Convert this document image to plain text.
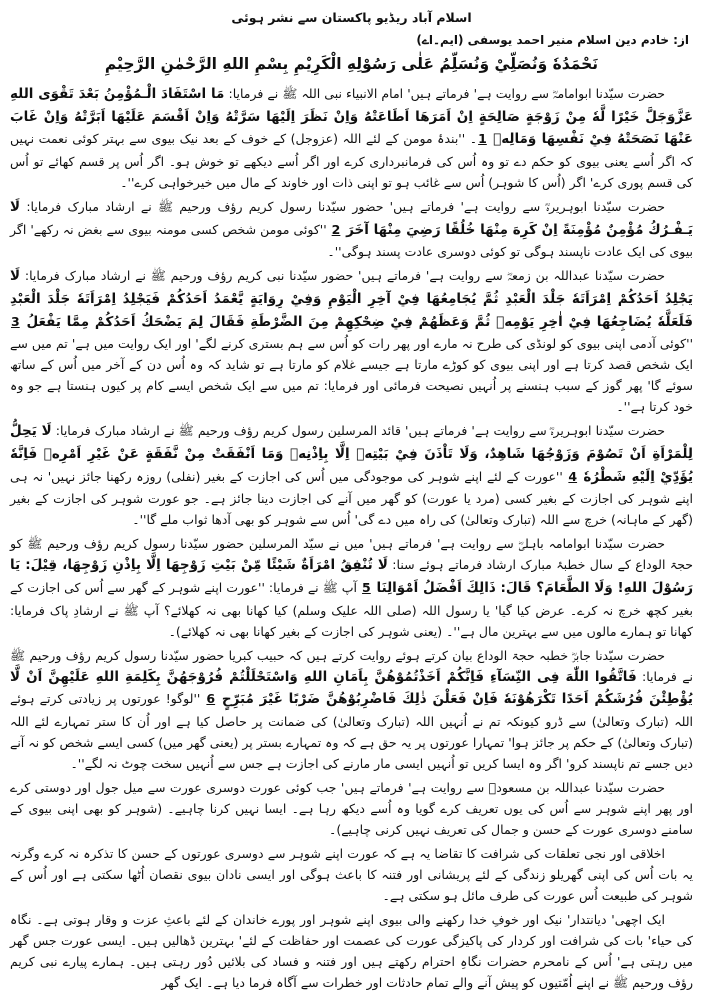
اسلام آباد ریڈیو پاکستان سے نشر ہوئی
از: خادم دین اسلام منیر احمد یوسفی (ایم۔اے)
نَحْمَدُهٗ وَنُصَلِّيْ وَنُسَلِّمُ عَلٰى رَسُوْلِهِ الْكَرِيْمِ بِسْمِ اللهِ الرَّحْمٰنِ الرَّحِيْمِ

حضرت سیّدنا ابوامامہؓ سے روایت ہے' فرماتے ہیں' امام الانبیاء نبی اللہ ﷺ نے فرمایا: مَا اسْتَفَادَ الْـمُؤْمِنُ بَعْدَ تَقْوَى اللهِ عَزَّوَجَلَّ خَيْرًا لَّهٗ مِنْ زَوْجَةٍ صَالِحَةٍ اِنْ اَمَرَهَا اَطَاعَتْهُ وَاِنْ نَظَرَ اِلَيْهَا سَرَّتْهُ وَاِنْ اَقْسَمَ عَلَيْهَا اَبَرَّتْهُ وَاِنْ غَابَ عَنْهَا نَصَحَتْهُ فِيْ نَفْسِهَا وَمَالِهٖ 1۔ ''بندۂ مومن کے لئے اللہ (عزوجل) کے خوف کے بعد نیک بیوی سے بہتر کوئی نعمت نہیں کہ اگر اُسے یعنی بیوی کو حکم دے تو وہ اُس کی فرمانبرداری کرے اور اگر اُسے دیکھے تو خوش ہو۔ اگر اُس پر قسم کھائے تو اُس کی قسم پوری کرے' اگر (اُس کا شوہر) اُس سے غائب ہو تو اپنی ذات اور خاوند کے مال میں خیرخواہی کرے''۔

حضرت سیّدنا ابوہریرہؓ سے روایت ہے' فرماتے ہیں' حضور سیّدنا رسول کریم رؤف ورحیم ﷺ نے ارشاد مبارک فرمایا: لَا يَـفْـرُكُ مُؤْمِنٌ مُؤْمِنَةً اِنْ كَرِهَ مِنْهَا خُلُقًا رَضِيَ مِنْهَا آخَرَ 2 ''کوئی مومن شخص کسی مومنہ بیوی سے بغض نہ رکھے' اگر بیوی کی ایک عادت ناپسند ہوگی تو کوئی دوسری عادت پسند ہوگی''۔

حضرت سیّدنا عبداللہ بن زمعہؓ سے روایت ہے' فرماتے ہیں' حضور سیّدنا نبی کریم رؤف ورحیم ﷺ نے ارشاد مبارک فرمایا: لَا يَجْلِدُ اَحَدُكُمْ اِمْرَاَتَهٗ جَلْدَ الْعَبْدِ ثُمَّ يُجَامِعُهَا فِيْ آخِرِ الْيَوْمِ وَفِيْ رِوَايَةٍ يَّعْمَدُ اَحَدُكُمْ فَيَجْلِدُ اِمْرَاَتَهٗ جَلْدَ الْعَبْدِ فَلَعَلَّهٗ يُضَاجِعُهَا فِيْ اٰخِرِ يَوْمِهٖ ثُمَّ وَعَظَهُمْ فِيْ ضِحْكِهِمْ مِنَ الضَّرْطَةِ فَقَالَ لِمَ يَضْحَكُ اَحَدُكُمْ مِمَّا يَفْعَلُ 3 ''کوئی آدمی اپنی بیوی کو لونڈی کی طرح نہ مارے اور پھر رات کو اُس سے ہم بستری کرنے لگے' اور ایک روایت میں ہے' تم میں سے ایک شخص قصد کرتا ہے اور اپنی بیوی کو کوڑے مارتا ہے جیسے غلام کو مارتا ہے تو شاید کہ وہ اُس دن کے آخر میں اُس کے ساتھ سوئے گا' پھر گوز کے سبب ہنسنے پر اُنہیں نصیحت فرمائی اور فرمایا: تم میں سے ایک شخص ایسے کام پر کیوں ہنستا ہے جو وہ خود کرتا ہے''۔

حضرت سیّدنا ابوہریرہؓ سے روایت ہے' فرماتے ہیں' قائد المرسلین رسول کریم رؤف ورحیم ﷺ نے ارشاد مبارک فرمایا: لَا يَحِلُّ لِلْمَرْاَةِ اَنْ تَصُوْمَ وَزَوْجُهَا شَاهِدٌ، وَلَا تَاْذَنَ فِيْ بَيْتِهٖ اِلَّا بِاِذْنِهٖ وَمَا اَنْفَقَتْ مِنْ نَّفَقَةٍ عَنْ غَيْرِ اَمْرِهٖ فَاِنَّهٗ يُؤَدِّيْ اِلَيْهِ شَطْرُهٗ 4 ''عورت کے لئے اپنے شوہر کی موجودگی میں اُس کی اجازت کے بغیر (نفلی) روزہ رکھنا جائز نہیں' نہ ہی اپنے شوہر کی اجازت کے بغیر کسی (مرد یا عورت) کو گھر میں آنے کی اجازت دینا جائز ہے۔ جو عورت شوہر کی اجازت کے بغیر (گھر کے ماہانہ) خرچ سے اللہ (تبارک وتعالیٰ) کی راہ میں دے گی' اُس سے شوہر کو بھی آدھا ثواب ملے گا''۔

حضرت سیّدنا ابوامامہ باہلیؓ سے روایت ہے' فرماتے ہیں' میں نے سیّد المرسلین حضور سیّدنا رسول کریم رؤف ورحیم ﷺ کو حجۃ الوداع کے سال خطبۂ مبارک ارشاد فرماتے ہوئے سنا: لَا تُنْفِقُ امْرَاَةٌ شَيْئًا مِّنْ بَيْتِ زَوْجِهَا اِلَّا بِاِذْنِ زَوْجِهَا، قِيْلَ: يَا رَسُوْلَ اللهِ! وَلَا الطَّعَامَ؟ قَالَ: ذَالِكَ اَفْضَلُ اَمْوَالِنَا 5 آپ ﷺ نے فرمایا: ''عورت اپنے شوہر کے گھر سے اُس کی اجازت کے بغیر کچھ خرچ نہ کرے۔ عرض کیا گیا' یا رسول اللہ (صلی اللہ علیک وسلم) کیا کھانا بھی نہ کھلائے؟ آپ ﷺ نے ارشادِ پاک فرمایا: کھانا تو ہمارے مالوں میں سے بہترین مال ہے''۔ (یعنی شوہر کی اجازت کے بغیر کھانا بھی نہ کھلائے)۔

حضرت سیّدنا جابرؓ خطبہ حجۃ الوداع بیان کرتے ہوئے روایت کرتے ہیں کہ حبیب کبریا حضور سیّدنا رسول کریم رؤف ورحیم ﷺ نے فرمایا: فَاتَّقُوا اللّٰهَ فِى النِّسَآءِ فَاِنَّكُمْ اَخَذْتُمُوْهُنَّ بِاَمَانِ اللهِ وَاسْتَحْلَلْتُمْ فُرُوْجَهُنَّ بِكَلِمَةِ اللهِ عَلَيْهِنَّ اَنْ لَّا يُؤْطِئْنَ فُرُشَكُمْ اَحَدًا تَكْرَهُوْنَهٗ فَاِنْ فَعَلْنَ ذٰلِكَ فَاضْرِبُوْهُنَّ ضَرْبًا غَيْرَ مُبَرِّحٍ 6 ''لوگو! عورتوں پر زیادتی کرتے ہوئے اللہ (تبارک وتعالیٰ) سے ڈرو کیونکہ تم نے اُنہیں اللہ (تبارک وتعالیٰ) کی ضمانت پر حاصل کیا ہے اور اُن کا ستر تمہارے لئے اللہ (تبارک وتعالیٰ) کے حکم پر جائز ہوا' تمہارا عورتوں پر یہ حق ہے کہ وہ تمہارے بستر پر (یعنی گھر میں) کسی ایسے شخص کو نہ آنے دیں جسے تم ناپسند کرو' اگر وہ ایسا کریں تو اُنہیں ایسی مار مارنے کی اجازت ہے جس سے اُنہیں سخت چوٹ نہ لگے''۔

حضرت سیّدنا عبداللہ بن مسعودؓ سے روایت ہے' فرماتے ہیں' جب کوئی عورت دوسری عورت سے میل جول اور دوستی کرے اور پھر اپنے شوہر سے اُس کی یوں تعریف کرے گویا وہ اُسے دیکھ رہا ہے۔ ایسا نہیں کرنا چاہیے۔ (شوہر کو بھی اپنی بیوی کے سامنے دوسری عورت کے حسن و جمال کی تعریف نہیں کرنی چاہیے)۔

اخلاقی اور نجی تعلقات کی شرافت کا تقاضا یہ ہے کہ عورت اپنے شوہر سے دوسری عورتوں کے حسن کا تذکرہ نہ کرے وگرنہ یہ بات اُس کی اپنی گھریلو زندگی کے لئے پریشانی اور فتنہ کا باعث ہوگی اور ایسی نادان بیوی نقصان اُٹھا سکتی ہے اور اُس کے شوہر کی طبیعت اُس عورت کی طرف مائل ہو سکتی ہے۔

ایک اچھی' دیانتدار' نیک اور خوفِ خدا رکھنے والی بیوی اپنے شوہر اور پورے خاندان کے لئے باعثِ عزت و وقار ہوتی ہے۔ نگاہ کی حیاء' بات کی شرافت اور کردار کی پاکیزگی عورت کی عصمت اور حفاظت کے لئے' بہترین ڈھالیں ہیں۔ ایسی عورت جس گھر میں رہتی ہے' اُس کے نامحرم حضرات نگاہِ احترام رکھتے ہیں اور فتنہ و فساد کی بلائیں دُور رہتی ہیں۔ ہمارے پیارے نبی کریم رؤف ورحیم ﷺ نے اپنے اُمّتیوں کو پیش آنے والے تمام حادثات اور خطرات سے آگاہ فرما دیا ہے۔ ایک گھر
